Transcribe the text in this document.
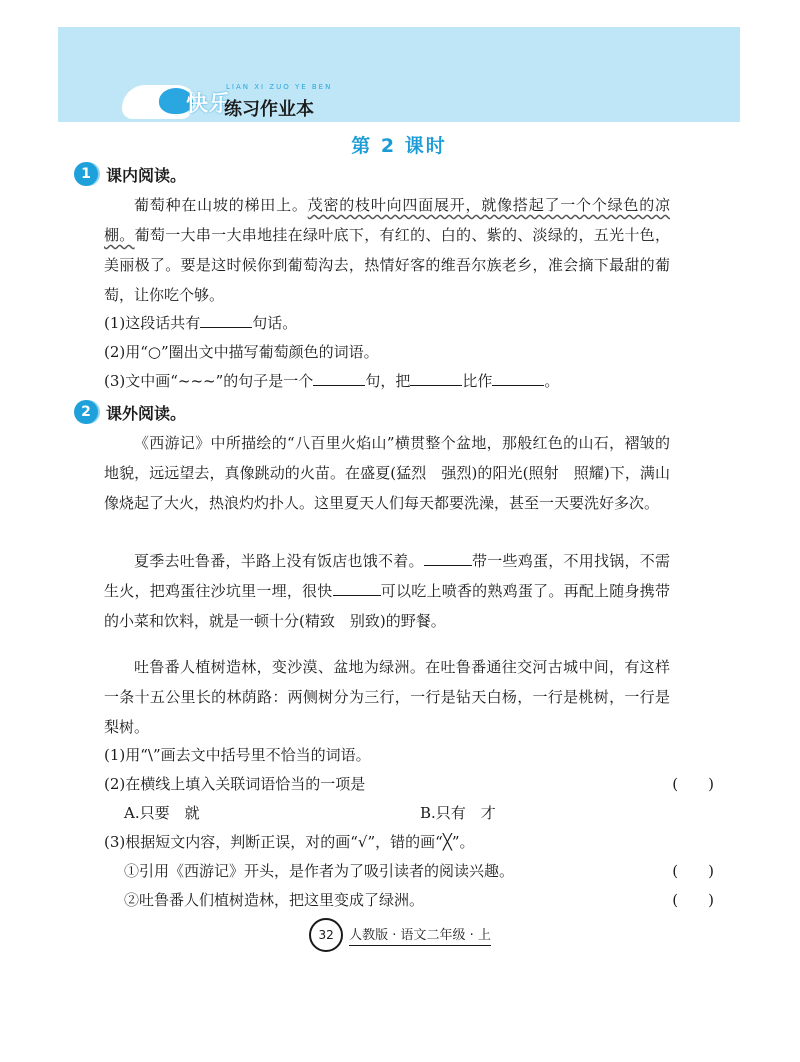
LIAN XI ZUO YE BEN
快乐
练习作业本
第 2 课时
1 课内阅读。
葡萄种在山坡的梯田上。茂密的枝叶向四面展开，就像搭起了一个个绿色的凉棚。葡萄一大串一大串地挂在绿叶底下，有红的、白的、紫的、淡绿的，五光十色，美丽极了。要是这时候你到葡萄沟去，热情好客的维吾尔族老乡，准会摘下最甜的葡萄，让你吃个够。
(1)这段话共有	句话。
(2)用“○”圈出文中描写葡萄颜色的词语。
(3)文中画“~~~”的句子是一个	句，把	比作	。
2 课外阅读。
《西游记》中所描绘的“八百里火焰山”横贯整个盆地，那般红色的山石，褶皱的地貌，远远望去，真像跳动的火苗。在盛夏(猛烈　强烈)的阳光(照射　照耀)下，满山像烧起了大火，热浪灼灼扑人。这里夏天人们每天都要洗澡，甚至一天要洗好多次。
夏季去吐鲁番，半路上没有饭店也饿不着。	带一些鸡蛋，不用找锅，不需生火，把鸡蛋往沙坑里一埋，很快	可以吃上喷香的熟鸡蛋了。再配上随身携带的小菜和饮料，就是一顿十分(精致　别致)的野餐。
吐鲁番人植树造林，变沙漠、盆地为绿洲。在吐鲁番通往交河古城中间，有这样一条十五公里长的林荫路：两侧树分为三行，一行是钻天白杨，一行是桃树，一行是梨树。
(1)用“\”画去文中括号里不恰当的词语。
(2)在横线上填入关联词语恰当的一项是	(　　)
A.只要　就	B.只有　才
(3)根据短文内容，判断正误，对的画“√”，错的画“╳”。
①引用《西游记》开头，是作者为了吸引读者的阅读兴趣。	(　　)
②吐鲁番人们植树造林，把这里变成了绿洲。	(　　)
32	人教版 · 语文二年级 · 上
